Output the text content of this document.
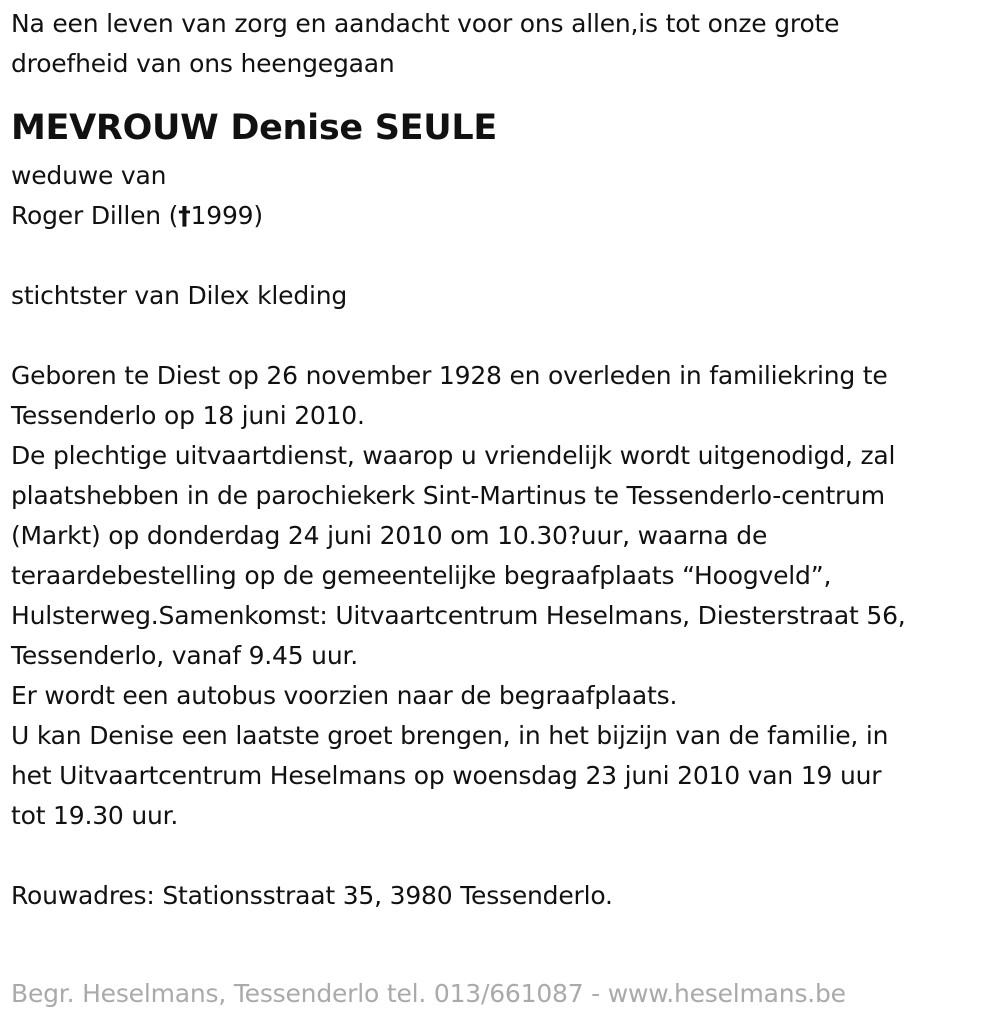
Na een leven van zorg en aandacht voor ons allen,is tot onze grote
droefheid van ons heengegaan
MEVROUW Denise SEULE
weduwe van
Roger Dillen (†1999)
stichtster van Dilex kleding
Geboren te Diest op 26 november 1928 en overleden in familiekring te
Tessenderlo op 18 juni 2010.
De plechtige uitvaartdienst, waarop u vriendelijk wordt uitgenodigd, zal
plaatshebben in de parochiekerk Sint-Martinus te Tessenderlo-centrum
(Markt) op donderdag 24 juni 2010 om 10.30?uur, waarna de
teraardebestelling op de gemeentelijke begraafplaats “Hoogveld”,
Hulsterweg.Samenkomst: Uitvaartcentrum Heselmans, Diesterstraat 56,
Tessenderlo, vanaf 9.45 uur.
Er wordt een autobus voorzien naar de begraafplaats.
U kan Denise een laatste groet brengen, in het bijzijn van de familie, in
het Uitvaartcentrum Heselmans op woensdag 23 juni 2010 van 19 uur
tot 19.30 uur.
Rouwadres: Stationsstraat 35, 3980 Tessenderlo.
Begr. Heselmans, Tessenderlo tel. 013/661087 - www.heselmans.be
